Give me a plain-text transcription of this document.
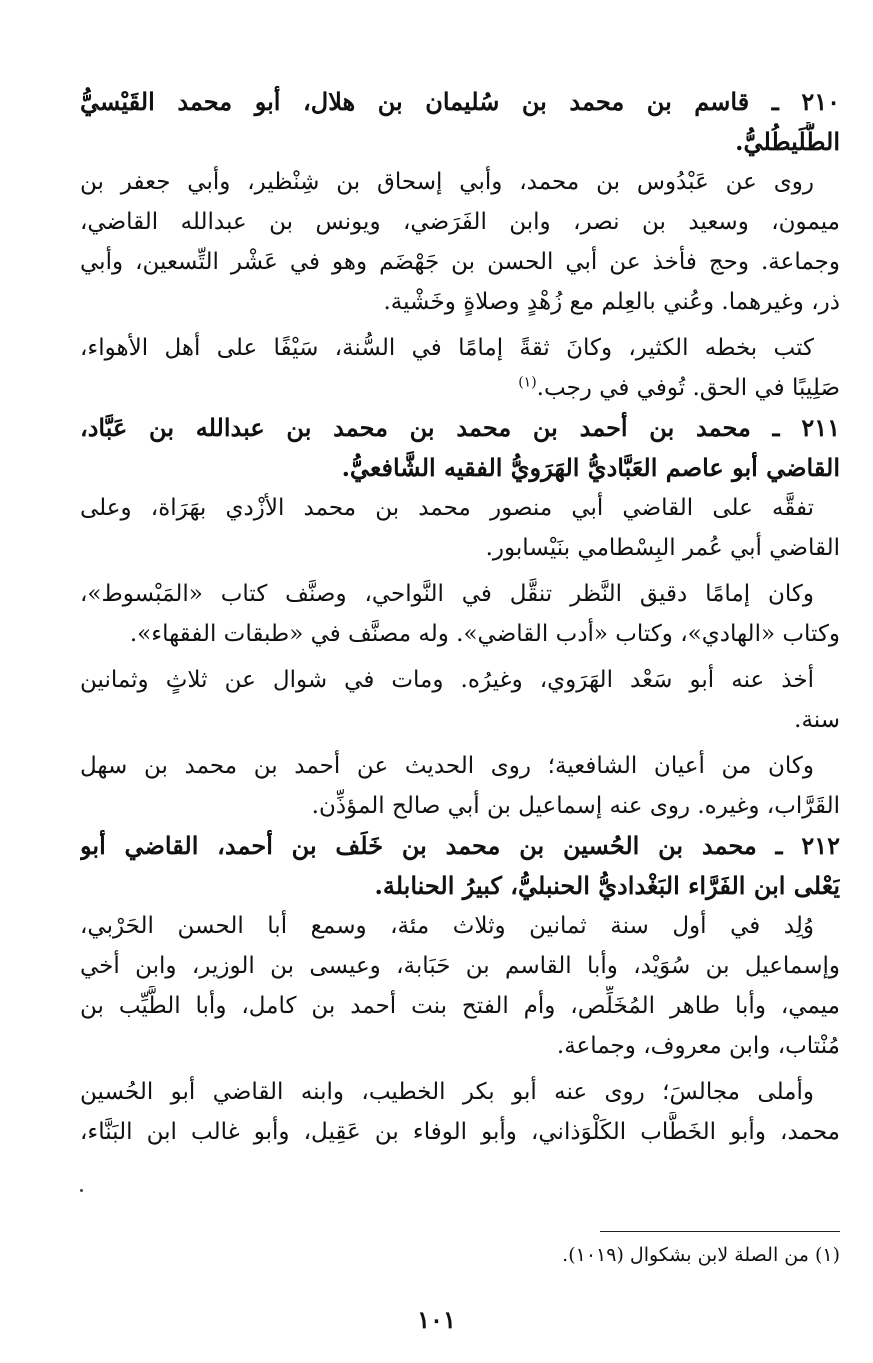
٢١٠ ـ قاسم بن محمد بن سُليمان بن هلال، أبو محمد القَيْسيُّ
الطُّلَيطُليُّ.
روى عن عَبْدُوس بن محمد، وأبي إسحاق بن شِنْظير، وأبي جعفر بن
ميمون، وسعيد بن نصر، وابن الفَرَضي، ويونس بن عبدالله القاضي،
وجماعة. وحج فأخذ عن أبي الحسن بن جَهْضَم وهو في عَشْر التِّسعين، وأبي
ذر، وغيرهما. وعُني بالعِلم مع زُهْدٍ وصلاةٍ وخَشْية.
كتب بخطه الكثير، وكانَ ثقةً إمامًا في السُّنة، سَيْفًا على أهل الأهواء،
صَلِيبًا في الحق. تُوفي في رجب.$^{(١)}$
٢١١ ـ محمد بن أحمد بن محمد بن محمد بن عبدالله بن عَبَّاد،
القاضي أبو عاصم العَبَّاديُّ الهَرَويُّ الفقيه الشَّافعيُّ.
تفقَّه على القاضي أبي منصور محمد بن محمد الأزْدي بهَرَاة، وعلى
القاضي أبي عُمر البِسْطامي بنَيْسابور.
وكان إمامًا دقيق النَّظر تنقَّل في النَّواحي، وصنَّف كتاب «المَبْسوط»،
وكتاب «الهادي»، وكتاب «أدب القاضي». وله مصنَّف في «طبقات الفقهاء».
أخذ عنه أبو سَعْد الهَرَوي، وغيرُه. ومات في شوال عن ثلاثٍ وثمانين
سنة.
وكان من أعيان الشافعية؛ روى الحديث عن أحمد بن محمد بن سهل
القَرَّاب، وغيره. روى عنه إسماعيل بن أبي صالح المؤذِّن.
٢١٢ ـ محمد بن الحُسين بن محمد بن خَلَف بن أحمد، القاضي أبو
يَعْلى ابن الفَرَّاء البَغْداديُّ الحنبليُّ، كبيرُ الحنابلة.
وُلِد في أول سنة ثمانين وثلاث مئة، وسمع أبا الحسن الحَرْبي،
وإسماعيل بن سُوَيْد، وأبا القاسم بن حَبَابة، وعيسى بن الوزير، وابن أخي
ميمي، وأبا طاهر المُخَلِّص، وأم الفتح بنت أحمد بن كامل، وأبا الطَّيِّب بن
مُنْتاب، وابن معروف، وجماعة.
وأملى مجالسَ؛ روى عنه أبو بكر الخطيب، وابنه القاضي أبو الحُسين
محمد، وأبو الخَطَّاب الكَلْوَذاني، وأبو الوفاء بن عَقِيل، وأبو غالب ابن البَنَّاء،
(١) من الصلة لابن بشكوال (١٠١٩).
١٠١
